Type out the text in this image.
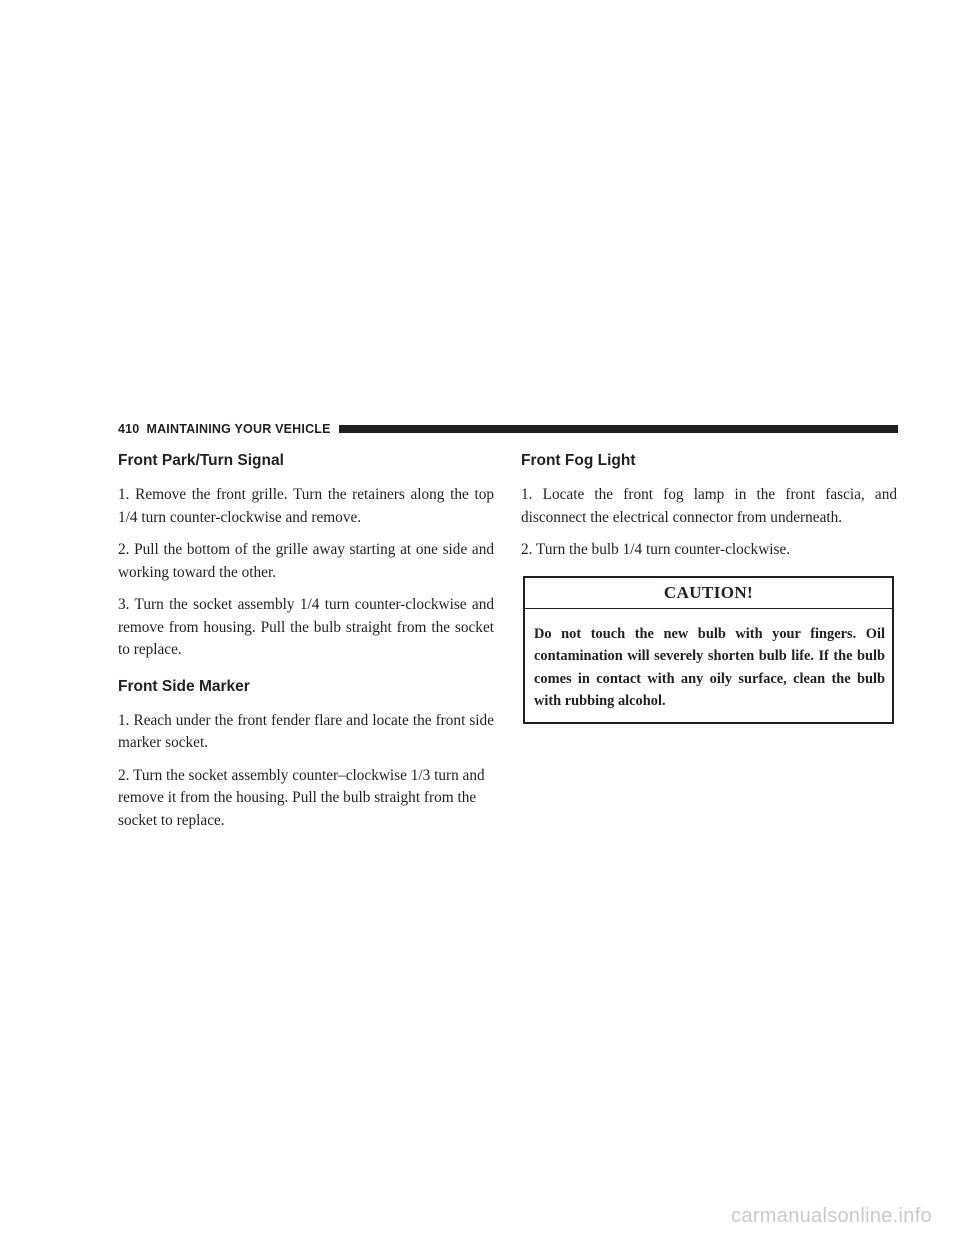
410 MAINTAINING YOUR VEHICLE
Front Park/Turn Signal

1. Remove the front grille. Turn the retainers along the top 1/4 turn counter-clockwise and remove.

2. Pull the bottom of the grille away starting at one side and working toward the other.

3. Turn the socket assembly 1/4 turn counter-clockwise and remove from housing. Pull the bulb straight from the socket to replace.

Front Side Marker

1. Reach under the front fender flare and locate the front side marker socket.

2. Turn the socket assembly counter–clockwise 1/3 turn and remove it from the housing. Pull the bulb straight from the socket to replace.

Front Fog Light

1. Locate the front fog lamp in the front fascia, and disconnect the electrical connector from underneath.

2. Turn the bulb 1/4 turn counter-clockwise.

CAUTION!
Do not touch the new bulb with your fingers. Oil contamination will severely shorten bulb life. If the bulb comes in contact with any oily surface, clean the bulb with rubbing alcohol.
carmanualsonline.info
